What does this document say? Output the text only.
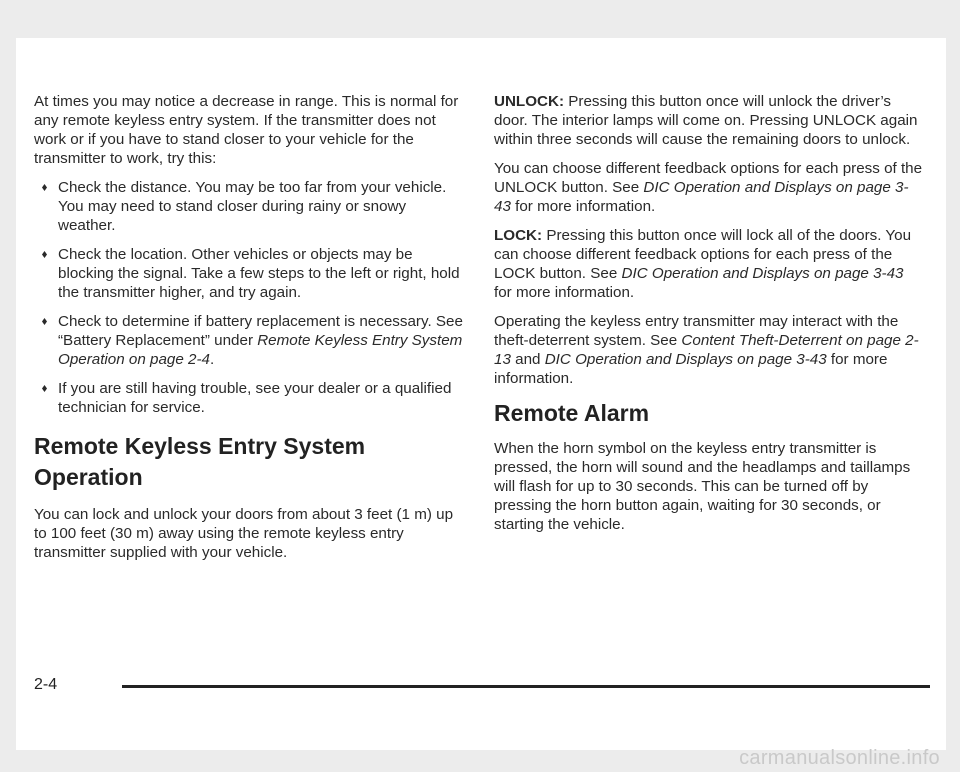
At times you may notice a decrease in range. This is normal for any remote keyless entry system. If the transmitter does not work or if you have to stand closer to your vehicle for the transmitter to work, try this:

Check the distance. You may be too far from your vehicle. You may need to stand closer during rainy or snowy weather.
Check the location. Other vehicles or objects may be blocking the signal. Take a few steps to the left or right, hold the transmitter higher, and try again.
Check to determine if battery replacement is necessary. See “Battery Replacement” under Remote Keyless Entry System Operation on page 2-4.
If you are still having trouble, see your dealer or a qualified technician for service.
Remote Keyless Entry System Operation

You can lock and unlock your doors from about 3 feet (1 m) up to 100 feet (30 m) away using the remote keyless entry transmitter supplied with your vehicle.

UNLOCK: Pressing this button once will unlock the driver’s door. The interior lamps will come on. Pressing UNLOCK again within three seconds will cause the remaining doors to unlock.

You can choose different feedback options for each press of the UNLOCK button. See DIC Operation and Displays on page 3-43 for more information.

LOCK: Pressing this button once will lock all of the doors. You can choose different feedback options for each press of the LOCK button. See DIC Operation and Displays on page 3-43 for more information.

Operating the keyless entry transmitter may interact with the theft-deterrent system. See Content Theft-Deterrent on page 2-13 and DIC Operation and Displays on page 3-43 for more information.

Remote Alarm

When the horn symbol on the keyless entry transmitter is pressed, the horn will sound and the headlamps and taillamps will flash for up to 30 seconds. This can be turned off by pressing the horn button again, waiting for 30 seconds, or starting the vehicle.

2-4
carmanualsonline.info
